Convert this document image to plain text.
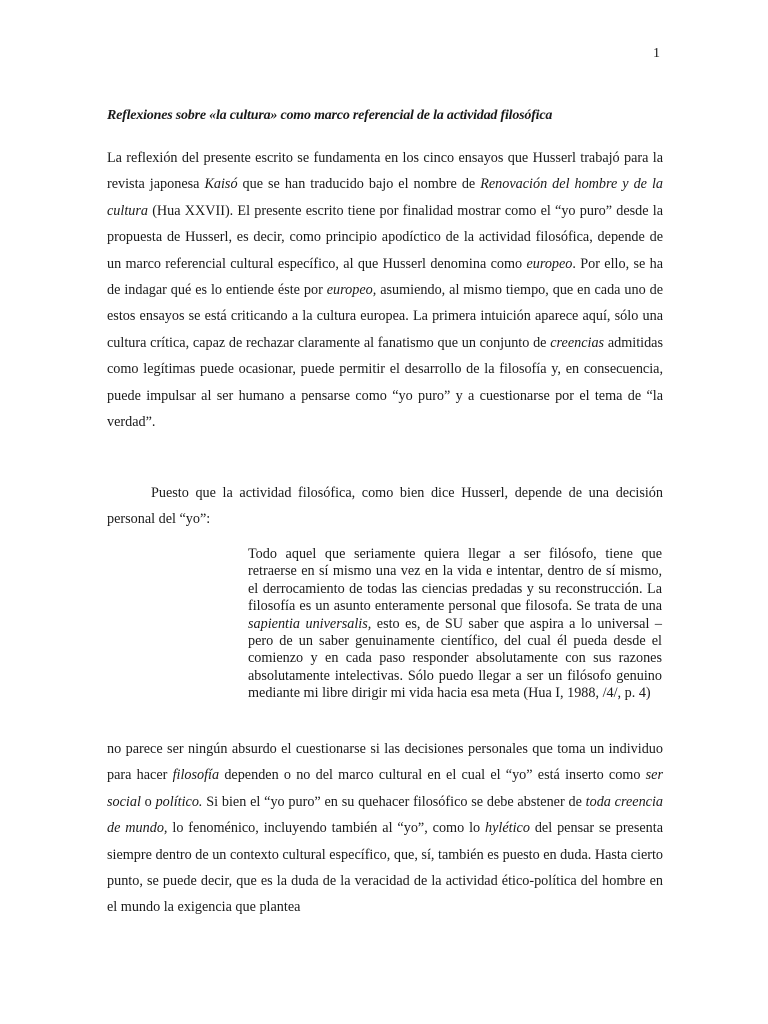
1
Reflexiones sobre «la cultura» como marco referencial de la actividad filosófica

La reflexión del presente escrito se fundamenta en los cinco ensayos que Husserl trabajó para la revista japonesa Kaisó que se han traducido bajo el nombre de Renovación del hombre y de la cultura (Hua XXVII). El presente escrito tiene por finalidad mostrar como el “yo puro” desde la propuesta de Husserl, es decir, como principio apodíctico de la actividad filosófica, depende de un marco referencial cultural específico, al que Husserl denomina como europeo. Por ello, se ha de indagar qué es lo entiende éste por europeo, asumiendo, al mismo tiempo, que en cada uno de estos ensayos se está criticando a la cultura europea. La primera intuición aparece aquí, sólo una cultura crítica, capaz de rechazar claramente al fanatismo que un conjunto de creencias admitidas como legítimas puede ocasionar, puede permitir el desarrollo de la filosofía y, en consecuencia, puede impulsar al ser humano a pensarse como “yo puro” y a cuestionarse por el tema de “la verdad”.

Puesto que la actividad filosófica, como bien dice Husserl, depende de una decisión personal del “yo”:

Todo aquel que seriamente quiera llegar a ser filósofo, tiene que retraerse en sí mismo una vez en la vida e intentar, dentro de sí mismo, el derrocamiento de todas las ciencias predadas y su reconstrucción. La filosofía es un asunto enteramente personal que filosofa. Se trata de una sapientia universalis, esto es, de SU saber que aspira a lo universal –pero de un saber genuinamente científico, del cual él pueda desde el comienzo y en cada paso responder absolutamente con sus razones absolutamente intelectivas. Sólo puedo llegar a ser un filósofo genuino mediante mi libre dirigir mi vida hacia esa meta (Hua I, 1988, /4/, p. 4)

no parece ser ningún absurdo el cuestionarse si las decisiones personales que toma un individuo para hacer filosofía dependen o no del marco cultural en el cual el “yo” está inserto como ser social o político. Si bien el “yo puro” en su quehacer filosófico se debe abstener de toda creencia de mundo, lo fenoménico, incluyendo también al “yo”, como lo hylético del pensar se presenta siempre dentro de un contexto cultural específico, que, sí, también es puesto en duda. Hasta cierto punto, se puede decir, que es la duda de la veracidad de la actividad ético-política del hombre en el mundo la exigencia que plantea
